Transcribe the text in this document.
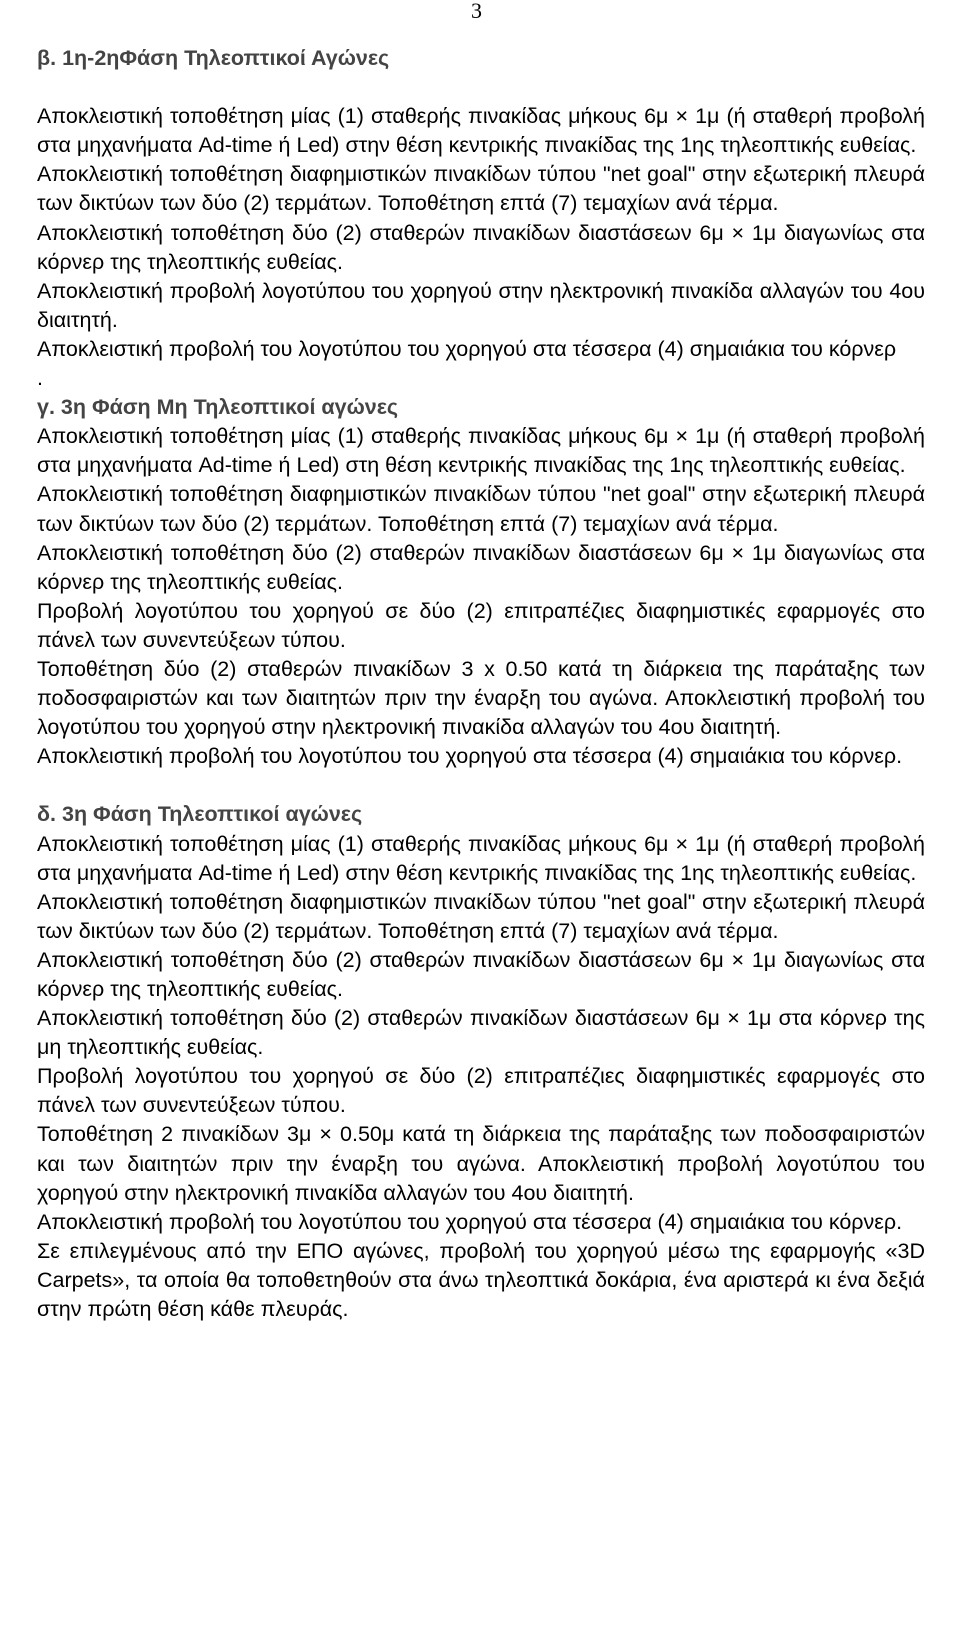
3

β. 1η-2ηΦάση Τηλεοπτικοί Αγώνες

Αποκλειστική τοποθέτηση μίας (1) σταθερής πινακίδας μήκους 6μ × 1μ (ή σταθερή προβολή στα μηχανήματα Ad-time ή Led) στην θέση κεντρικής πινακίδας της 1ης τηλεοπτικής ευθείας.

Αποκλειστική τοποθέτηση διαφημιστικών πινακίδων τύπου "net goal" στην εξωτερική πλευρά των δικτύων των δύο (2) τερμάτων. Τοποθέτηση επτά (7) τεμαχίων ανά τέρμα.

Αποκλειστική τοποθέτηση δύο (2) σταθερών πινακίδων διαστάσεων 6μ × 1μ διαγωνίως στα κόρνερ της τηλεοπτικής ευθείας.

Αποκλειστική προβολή λογοτύπου του χορηγού στην ηλεκτρονική πινακίδα αλλαγών του 4ου διαιτητή.

Αποκλειστική προβολή του λογοτύπου του χορηγού στα τέσσερα (4) σημαιάκια του κόρνερ

.

γ. 3η Φάση Μη Τηλεοπτικοί αγώνες

Αποκλειστική τοποθέτηση μίας (1) σταθερής πινακίδας μήκους 6μ × 1μ (ή σταθερή προβολή στα μηχανήματα Ad-time ή Led) στη θέση κεντρικής πινακίδας της 1ης τηλεοπτικής ευθείας.

Αποκλειστική τοποθέτηση διαφημιστικών πινακίδων τύπου "net goal" στην εξωτερική πλευρά των δικτύων των δύο (2) τερμάτων. Τοποθέτηση επτά (7) τεμαχίων ανά τέρμα.

Αποκλειστική τοποθέτηση δύο (2) σταθερών πινακίδων διαστάσεων 6μ × 1μ διαγωνίως στα κόρνερ της τηλεοπτικής ευθείας.

Προβολή λογοτύπου του χορηγού σε δύο (2) επιτραπέζιες διαφημιστικές εφαρμογές στο πάνελ των συνεντεύξεων τύπου.

Τοποθέτηση δύο (2) σταθερών πινακίδων 3 x 0.50 κατά τη διάρκεια της παράταξης των ποδοσφαιριστών και των διαιτητών πριν την έναρξη του αγώνα. Αποκλειστική προβολή του λογοτύπου του χορηγού στην ηλεκτρονική πινακίδα αλλαγών του 4ου διαιτητή.

Αποκλειστική προβολή του λογοτύπου του χορηγού στα τέσσερα (4) σημαιάκια του κόρνερ.

δ. 3η Φάση Τηλεοπτικοί αγώνες

Αποκλειστική τοποθέτηση μίας (1) σταθερής πινακίδας μήκους 6μ × 1μ (ή σταθερή προβολή στα μηχανήματα Ad-time ή Led) στην θέση κεντρικής πινακίδας της 1ης τηλεοπτικής ευθείας.

Αποκλειστική τοποθέτηση διαφημιστικών πινακίδων τύπου "net goal" στην εξωτερική πλευρά των δικτύων των δύο (2) τερμάτων. Τοποθέτηση επτά (7) τεμαχίων ανά τέρμα.

Αποκλειστική τοποθέτηση δύο (2) σταθερών πινακίδων διαστάσεων 6μ × 1μ διαγωνίως στα κόρνερ της τηλεοπτικής ευθείας.

Αποκλειστική τοποθέτηση δύο (2) σταθερών πινακίδων διαστάσεων 6μ × 1μ στα κόρνερ της μη τηλεοπτικής ευθείας.

Προβολή λογοτύπου του χορηγού σε δύο (2) επιτραπέζιες διαφημιστικές εφαρμογές στο πάνελ των συνεντεύξεων τύπου.

Τοποθέτηση 2 πινακίδων 3μ × 0.50μ κατά τη διάρκεια της παράταξης των ποδοσφαιριστών και των διαιτητών πριν την έναρξη του αγώνα. Αποκλειστική προβολή λογοτύπου του χορηγού στην ηλεκτρονική πινακίδα αλλαγών του 4ου διαιτητή.

Αποκλειστική προβολή του λογοτύπου του χορηγού στα τέσσερα (4) σημαιάκια του κόρνερ.

Σε επιλεγμένους από την ΕΠΟ αγώνες, προβολή του χορηγού μέσω της εφαρμογής «3D Carpets», τα οποία θα τοποθετηθούν στα άνω τηλεοπτικά δοκάρια, ένα αριστερά κι ένα δεξιά στην πρώτη θέση κάθε πλευράς.
